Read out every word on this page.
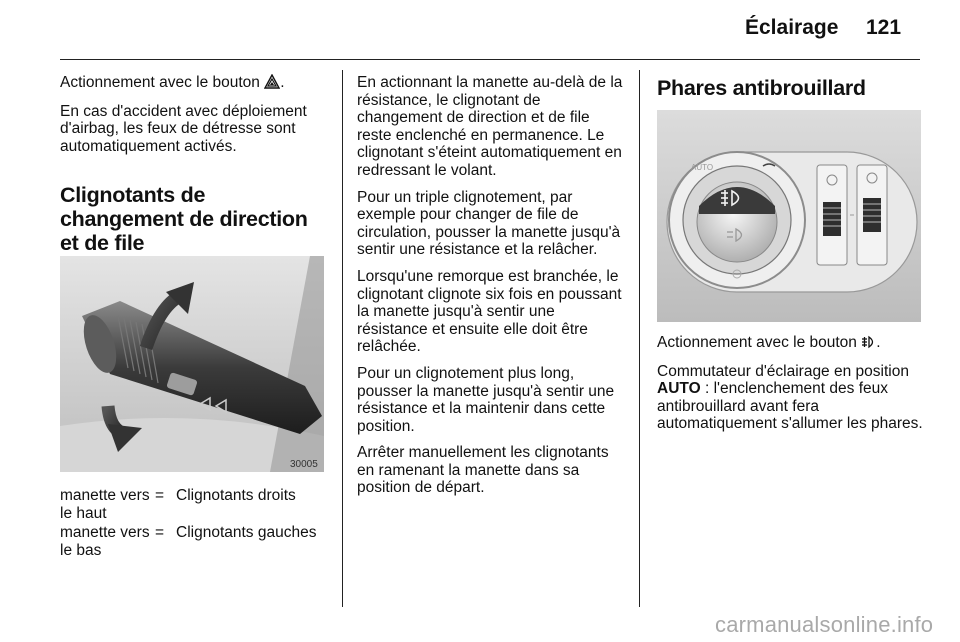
Éclairage 121

Actionnement avec le bouton .

En cas d'accident avec déploiement d'airbag, les feux de détresse sont automatiquement activés.

Clignotants de changement de direction et de file
30005
manette vers le haut
= Clignotants droits
manette vers le bas
= Clignotants gauches

En actionnant la manette au-delà de la résistance, le clignotant de changement de direction et de file reste enclenché en permanence. Le clignotant s'éteint automatiquement en redressant le volant.

Pour un triple clignotement, par exemple pour changer de file de circulation, pousser la manette jusqu'à sentir une résistance et la relâcher.

Lorsqu'une remorque est branchée, le clignotant clignote six fois en poussant la manette jusqu'à sentir une résistance et ensuite elle doit être relâchée.

Pour un clignotement plus long, pousser la manette jusqu'à sentir une résistance et la maintenir dans cette position.

Arrêter manuellement les clignotants en ramenant la manette dans sa position de départ.

Phares antibrouillard
AUTO

Actionnement avec le bouton .

Commutateur d'éclairage en position AUTO : l'enclenchement des feux antibrouillard avant fera automatiquement s'allumer les phares.

carmanualsonline.info
